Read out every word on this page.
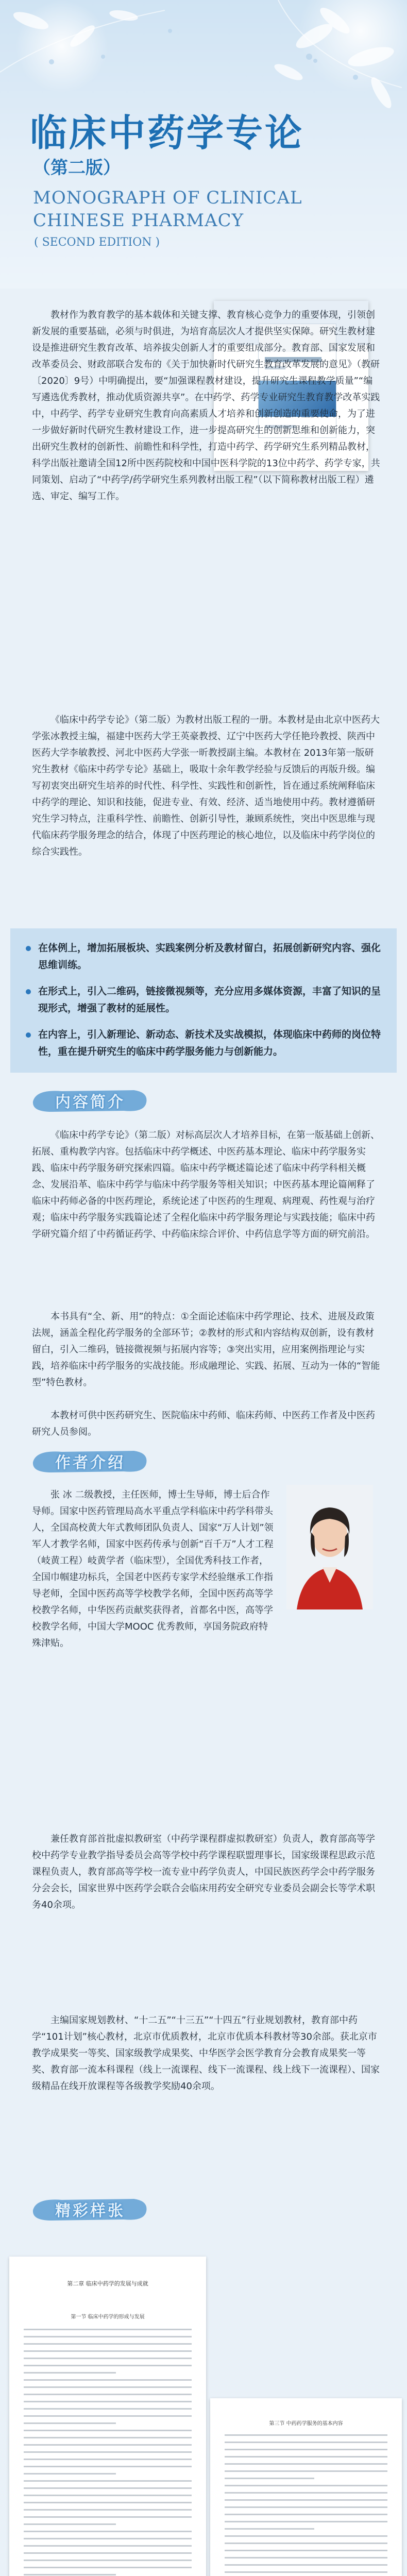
临床中药学专论
（第二版）
MONOGRAPH OF CLINICAL CHINESE PHARMACY
( SECOND EDITION )

教材作为教育教学的基本载体和关键支撑、教育核心竞争力的重要体现，引领创新发展的重要基础，必须与时俱进，为培育高层次人才提供坚实保障。研究生教材建设是推进研究生教育改革、培养拔尖创新人才的重要组成部分。教育部、国家发展和改革委员会、财政部联合发布的《关于加快新时代研究生教育改革发展的意见》（教研〔2020〕9号）中明确提出，要“加强课程教材建设，提升研究生课程教学质量”“编写遴选优秀教材，推动优质资源共享”。在中药学、药学专业研究生教育教学改革实践中，中药学、药学专业研究生教育向高素质人才培养和创新创造的重要使命，为了进一步做好新时代研究生教材建设工作，进一步提高研究生的创新思维和创新能力，突出研究生教材的创新性、前瞻性和科学性，打造中药学、药学研究生系列精品教材，科学出版社邀请全国12所中医药院校和中国中医科学院的13位中药学、药学专家，共同策划、启动了“中药学/药学研究生系列教材出版工程”（以下简称教材出版工程）遴选、审定、编写工作。

《临床中药学专论》（第二版）为教材出版工程的一册。本教材是由北京中医药大学张冰教授主编，福建中医药大学王英豪教授、辽宁中医药大学任艳玲教授、陕西中医药大学李敏教授、河北中医药大学张一昕教授副主编。本教材在 2013年第一版研究生教材《临床中药学专论》基础上，吸取十余年教学经验与反馈后的再版升级。编写初衷突出研究生培养的时代性、科学性、实践性和创新性，旨在通过系统阐释临床中药学的理论、知识和技能，促进专业、有效、经济、适当地使用中药。教材遵循研究生学习特点，注重科学性、前瞻性、创新引导性，兼顾系统性，突出中医思维与现代临床药学服务理念的结合，体现了中医药理论的核心地位，以及临床中药学岗位的综合实践性。

在体例上，增加拓展板块、实践案例分析及教材留白，拓展创新研究内容、强化思维训练。
在形式上，引入二维码，链接微视频等，充分应用多媒体资源，丰富了知识的呈现形式，增强了教材的延展性。
在内容上，引入新理论、新动态、新技术及实战模拟，体现临床中药师的岗位特性，重在提升研究生的临床中药学服务能力与创新能力。
内容简介

《临床中药学专论》（第二版）对标高层次人才培养目标，在第一版基础上创新、拓展、重构教学内容。包括临床中药学概述、中医药基本理论、临床中药学服务实践、临床中药学服务研究探索四篇。临床中药学概述篇论述了临床中药学科相关概念、发展沿革、临床中药学与临床中药学服务等相关知识；中医药基本理论篇阐释了临床中药师必备的中医药理论，系统论述了中医药的生理观、病理观、药性观与治疗观；临床中药学服务实践篇论述了全程化临床中药学服务理论与实践技能；临床中药学研究篇介绍了中药循证药学、中药临床综合评价、中药信息学等方面的研究前沿。

本书具有“全、新、用”的特点：①全面论述临床中药学理论、技术、进展及政策法规，涵盖全程化药学服务的全部环节；②教材的形式和内容结构双创新，设有教材留白，引入二维码，链接微视频与拓展内容等；③突出实用，应用案例指理论与实践，培养临床中药学服务的实战技能。形成融理论、实践、拓展、互动为一体的“智能型”特色教材。

本教材可供中医药研究生、医院临床中药师、临床药师、中医药工作者及中医药研究人员参阅。

作者介绍

张 冰 二级教授，主任医师，博士生导师，博士后合作导师。国家中医药管理局高水平重点学科临床中药学科带头人，全国高校黄大年式教师团队负责人、国家“万人计划”领军人才教学名师，国家中医药传承与创新“百千万”人才工程（岐黄工程）岐黄学者（临床型），全国优秀科技工作者，全国巾帼建功标兵，全国老中医药专家学术经验继承工作指导老师，全国中医药高等学校教学名师，全国中医药高等学校教学名师，中华医药贡献奖获得者，首都名中医，高等学校教学名师，中国大学MOOC 优秀教师，享国务院政府特殊津贴。

兼任教育部首批虚拟教研室（中药学课程群虚拟教研室）负责人，教育部高等学校中药学专业教学指导委员会高等学校中药学课程联盟理事长，国家级课程思政示范课程负责人，教育部高等学校一流专业中药学负责人，中国民族医药学会中药学服务分会会长，国家世界中医药学会联合会临床用药安全研究专业委员会副会长等学术职务40余项。

主编国家规划教材、“十二五”“十三五”“十四五”行业规划教材，教育部中药学“101计划”核心教材，北京市优质教材，北京市优质本科教材等30余部。获北京市教学成果奖一等奖、国家级教学成果奖、中华医学会医学教育分会教育成果奖一等奖、教育部一流本科课程（线上一流课程、线下一流课程、线上线下一流课程）、国家级精品在线开放课程等各级教学奖励40余项。

精彩样张
第二章 临床中药学的发展与成就
第一节 临床中药学的形成与发展
第三节 中药药学服务的基本内容
